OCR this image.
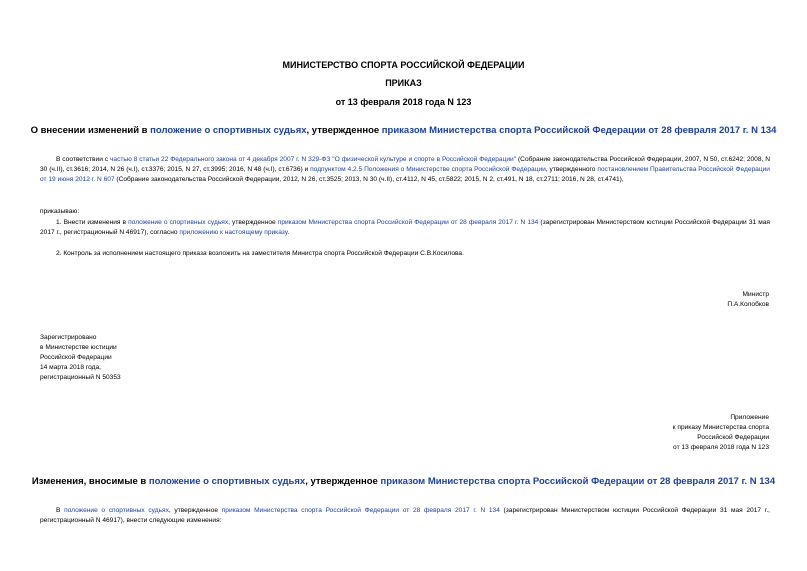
МИНИСТЕРСТВО СПОРТА РОССИЙСКОЙ ФЕДЕРАЦИИ
ПРИКАЗ
от 13 февраля 2018 года N 123
О внесении изменений в положение о спортивных судьях, утвержденное приказом Министерства спорта Российской Федерации от 28 февраля 2017 г. N 134
В соответствии с частью 8 статьи 22 Федерального закона от 4 декабря 2007 г. N 329-ФЗ "О физической культуре и спорте в Российской Федерации" (Собрание законодательства Российской Федерации, 2007, N 50, ст.6242; 2008, N 30 (ч.II), ст.3616; 2014, N 26 (ч.I), ст.3376; 2015, N 27, ст.3995; 2016, N 48 (ч.I), ст.6736) и подпунктом 4.2.5 Положения о Министерстве спорта Российской Федерации, утвержденного постановлением Правительства Российской Федерации от 19 июня 2012 г. N 607 (Собрание законодательства Российской Федерации, 2012, N 26, ст.3525; 2013, N 30 (ч.II), ст.4112, N 45, ст.5822; 2015, N 2, ст.491, N 18, ст.2711; 2016, N 28, ст.4741),
приказываю:
1. Внести изменения в положение о спортивных судьях, утвержденное приказом Министерства спорта Российской Федерации от 28 февраля 2017 г. N 134 (зарегистрирован Министерством юстиции Российской Федерации 31 мая 2017 г., регистрационный N 46917), согласно приложению к настоящему приказу.
2. Контроль за исполнением настоящего приказа возложить на заместителя Министра спорта Российской Федерации С.В.Косилова.
Министр
П.А.Колобков
Зарегистрировано
в Министерстве юстиции
Российской Федерации
14 марта 2018 года,
регистрационный N 50353
Приложение
к приказу Министерства спорта
Российской Федерации
от 13 февраля 2018 года N 123
Изменения, вносимые в положение о спортивных судьях, утвержденное приказом Министерства спорта Российской Федерации от 28 февраля 2017 г. N 134
В положение о спортивных судьях, утвержденное приказом Министерства спорта Российской Федерации от 28 февраля 2017 г. N 134 (зарегистрирован Министерством юстиции Российской Федерации 31 мая 2017 г., регистрационный N 46917), внести следующие изменения:
